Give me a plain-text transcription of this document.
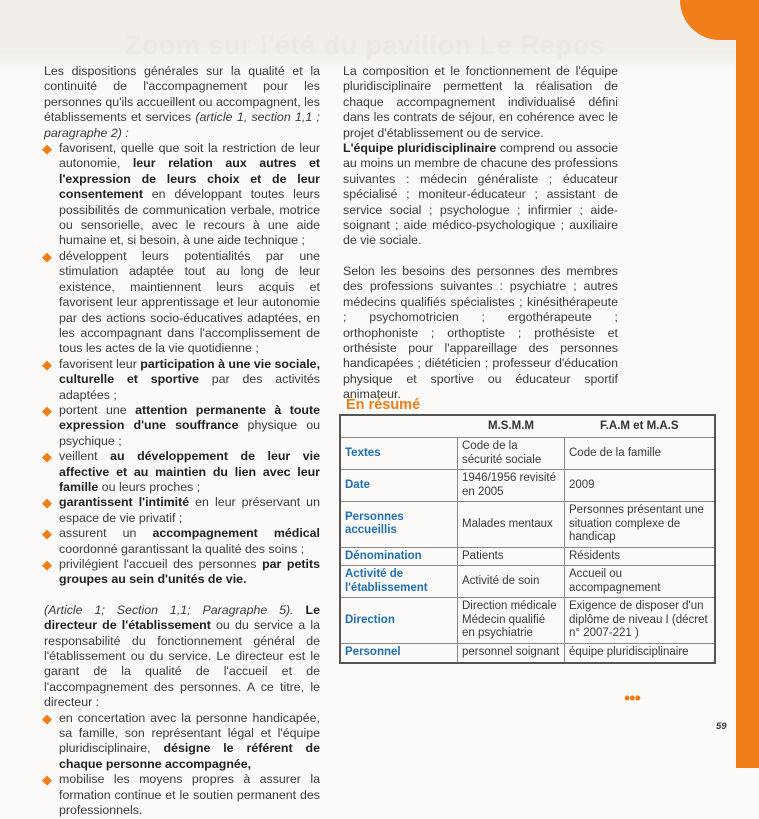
Zoom sur l'été du pavillon Le Repos

Les dispositions générales sur la qualité et la continuité de l'accompagnement pour les personnes qu'ils accueillent ou accompagnent, les établissements et services (article 1, section 1,1 ; paragraphe 2) :

◆ favorisent, quelle que soit la restriction de leur autonomie, leur relation aux autres et l'expression de leurs choix et de leur consentement en développant toutes leurs possibilités de communication verbale, motrice ou sensorielle, avec le recours à une aide humaine et, si besoin, à une aide technique ;

◆ développent leurs potentialités par une stimulation adaptée tout au long de leur existence, maintiennent leurs acquis et favorisent leur apprentissage et leur autonomie par des actions socio-éducatives adaptées, en les accompagnant dans l'accomplissement de tous les actes de la vie quotidienne ;

◆ favorisent leur participation à une vie sociale, culturelle et sportive par des activités adaptées ;

◆ portent une attention permanente à toute expression d'une souffrance physique ou psychique ;

◆ veillent au développement de leur vie affective et au maintien du lien avec leur famille ou leurs proches ;

◆ garantissent l'intimité en leur préservant un espace de vie privatif ;

◆ assurent un accompagnement médical coordonné garantissant la qualité des soins ;

◆ privilégient l'accueil des personnes par petits groupes au sein d'unités de vie.

(Article 1; Section 1,1; Paragraphe 5). Le directeur de l'établissement ou du service a la responsabilité du fonctionnement général de l'établissement ou du service. Le directeur est le garant de la qualité de l'accueil et de l'accompagnement des personnes. A ce titre, le directeur :

◆ en concertation avec la personne handicapée, sa famille, son représentant légal et l'équipe pluridisciplinaire, désigne le référent de chaque personne accompagnée,

◆ mobilise les moyens propres à assurer la formation continue et le soutien permanent des professionnels.

La composition et le fonctionnement de l'équipe pluridisciplinaire permettent la réalisation de chaque accompagnement individualisé défini dans les contrats de séjour, en cohérence avec le projet d'établissement ou de service.

L'équipe pluridisciplinaire comprend ou associe au moins un membre de chacune des professions suivantes : médecin généraliste ; éducateur spécialisé ; moniteur-éducateur ; assistant de service social ; psychologue ; infirmier ; aide-soignant ; aide médico-psychologique ; auxiliaire de vie sociale.

Selon les besoins des personnes des membres des professions suivantes : psychiatre ; autres médecins qualifiés spécialistes ; kinésithérapeute ; psychomotricien ; ergothérapeute ; orthophoniste ; orthoptiste ; prothésiste et orthésiste pour l'appareillage des personnes handicapées ; diététicien ; professeur d'éducation physique et sportive ou éducateur sportif animateur.

En résumé
	M.S.M.M	F.A.M et M.A.S
Textes	Code de la sécurité sociale	Code de la famille
Date	1946/1956 revisité en 2005	2009
Personnes accueillis	Malades mentaux	Personnes présentant une situation complexe de handicap
Dénomination	Patients	Résidents
Activité de l'établissement	Activité de soin	Accueil ou accompagnement
Direction	Direction médicale Médecin qualifié en psychiatrie	Exigence de disposer d'un diplôme de niveau I (décret n° 2007-221 )
Personnel	personnel soignant	équipe pluridisciplinaire
•••
59
